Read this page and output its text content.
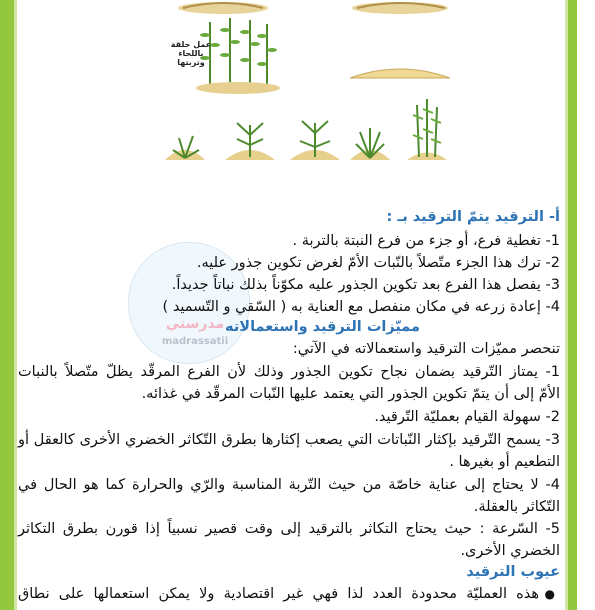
عمل حلقة
باللحاء
وتربتها
مدرستي
madrassatii
أ- الترقيد يتمّ الترقيد بـ :
1- تغطية فرع، أو جزء من فرع النبتة بالتربة .
2- ترك هذا الجزء متّصلاً بالنّبات الأمّ لغرض تكوين جذور عليه.
3- يفصل هذا الفرع بعد تكوين الجذور عليه مكوّناً بذلك نباتاً جديداً.
4- إعادة زرعه في مكان منفصل مع العناية به ( السّقي و التّسميد )
مميّزات الترقيد واستعمالاته
تنحصر مميّزات الترقيد واستعمالاته في الآتي:
1- يمتاز التّرقيد بضمان نجاح تكوين الجذور وذلك لأن الفرع المرقّد يظلّ متّصلاً بالنبات
الأمّ إلى أن يتمّ تكوين الجذور التي يعتمد عليها النّبات المرقّد في غذائه.
2- سهولة القيام بعمليّة التّرقيد.
3- يسمح التّرقيد بإكثار النّباتات التي يصعب إكثارها بطرق التّكاثر الخضري الأخرى كالعقل أو
التطعيم أو بغيرها .
4- لا يحتاج إلى عناية خاصّة من حيث التّربة المناسبة والرّي والحرارة كما هو الحال في
التّكاثر بالعقلة.
5- السّرعة : حيث يحتاج التكاثر بالترقيد إلى وقت قصير نسبياً إذا قورن بطرق التكاثر
الخضري الأخرى.
عيوب الترقيد
●
هذه العمليّة محدودة العدد لذا فهي غير اقتصادية ولا يمكن استعمالها على نطاق
